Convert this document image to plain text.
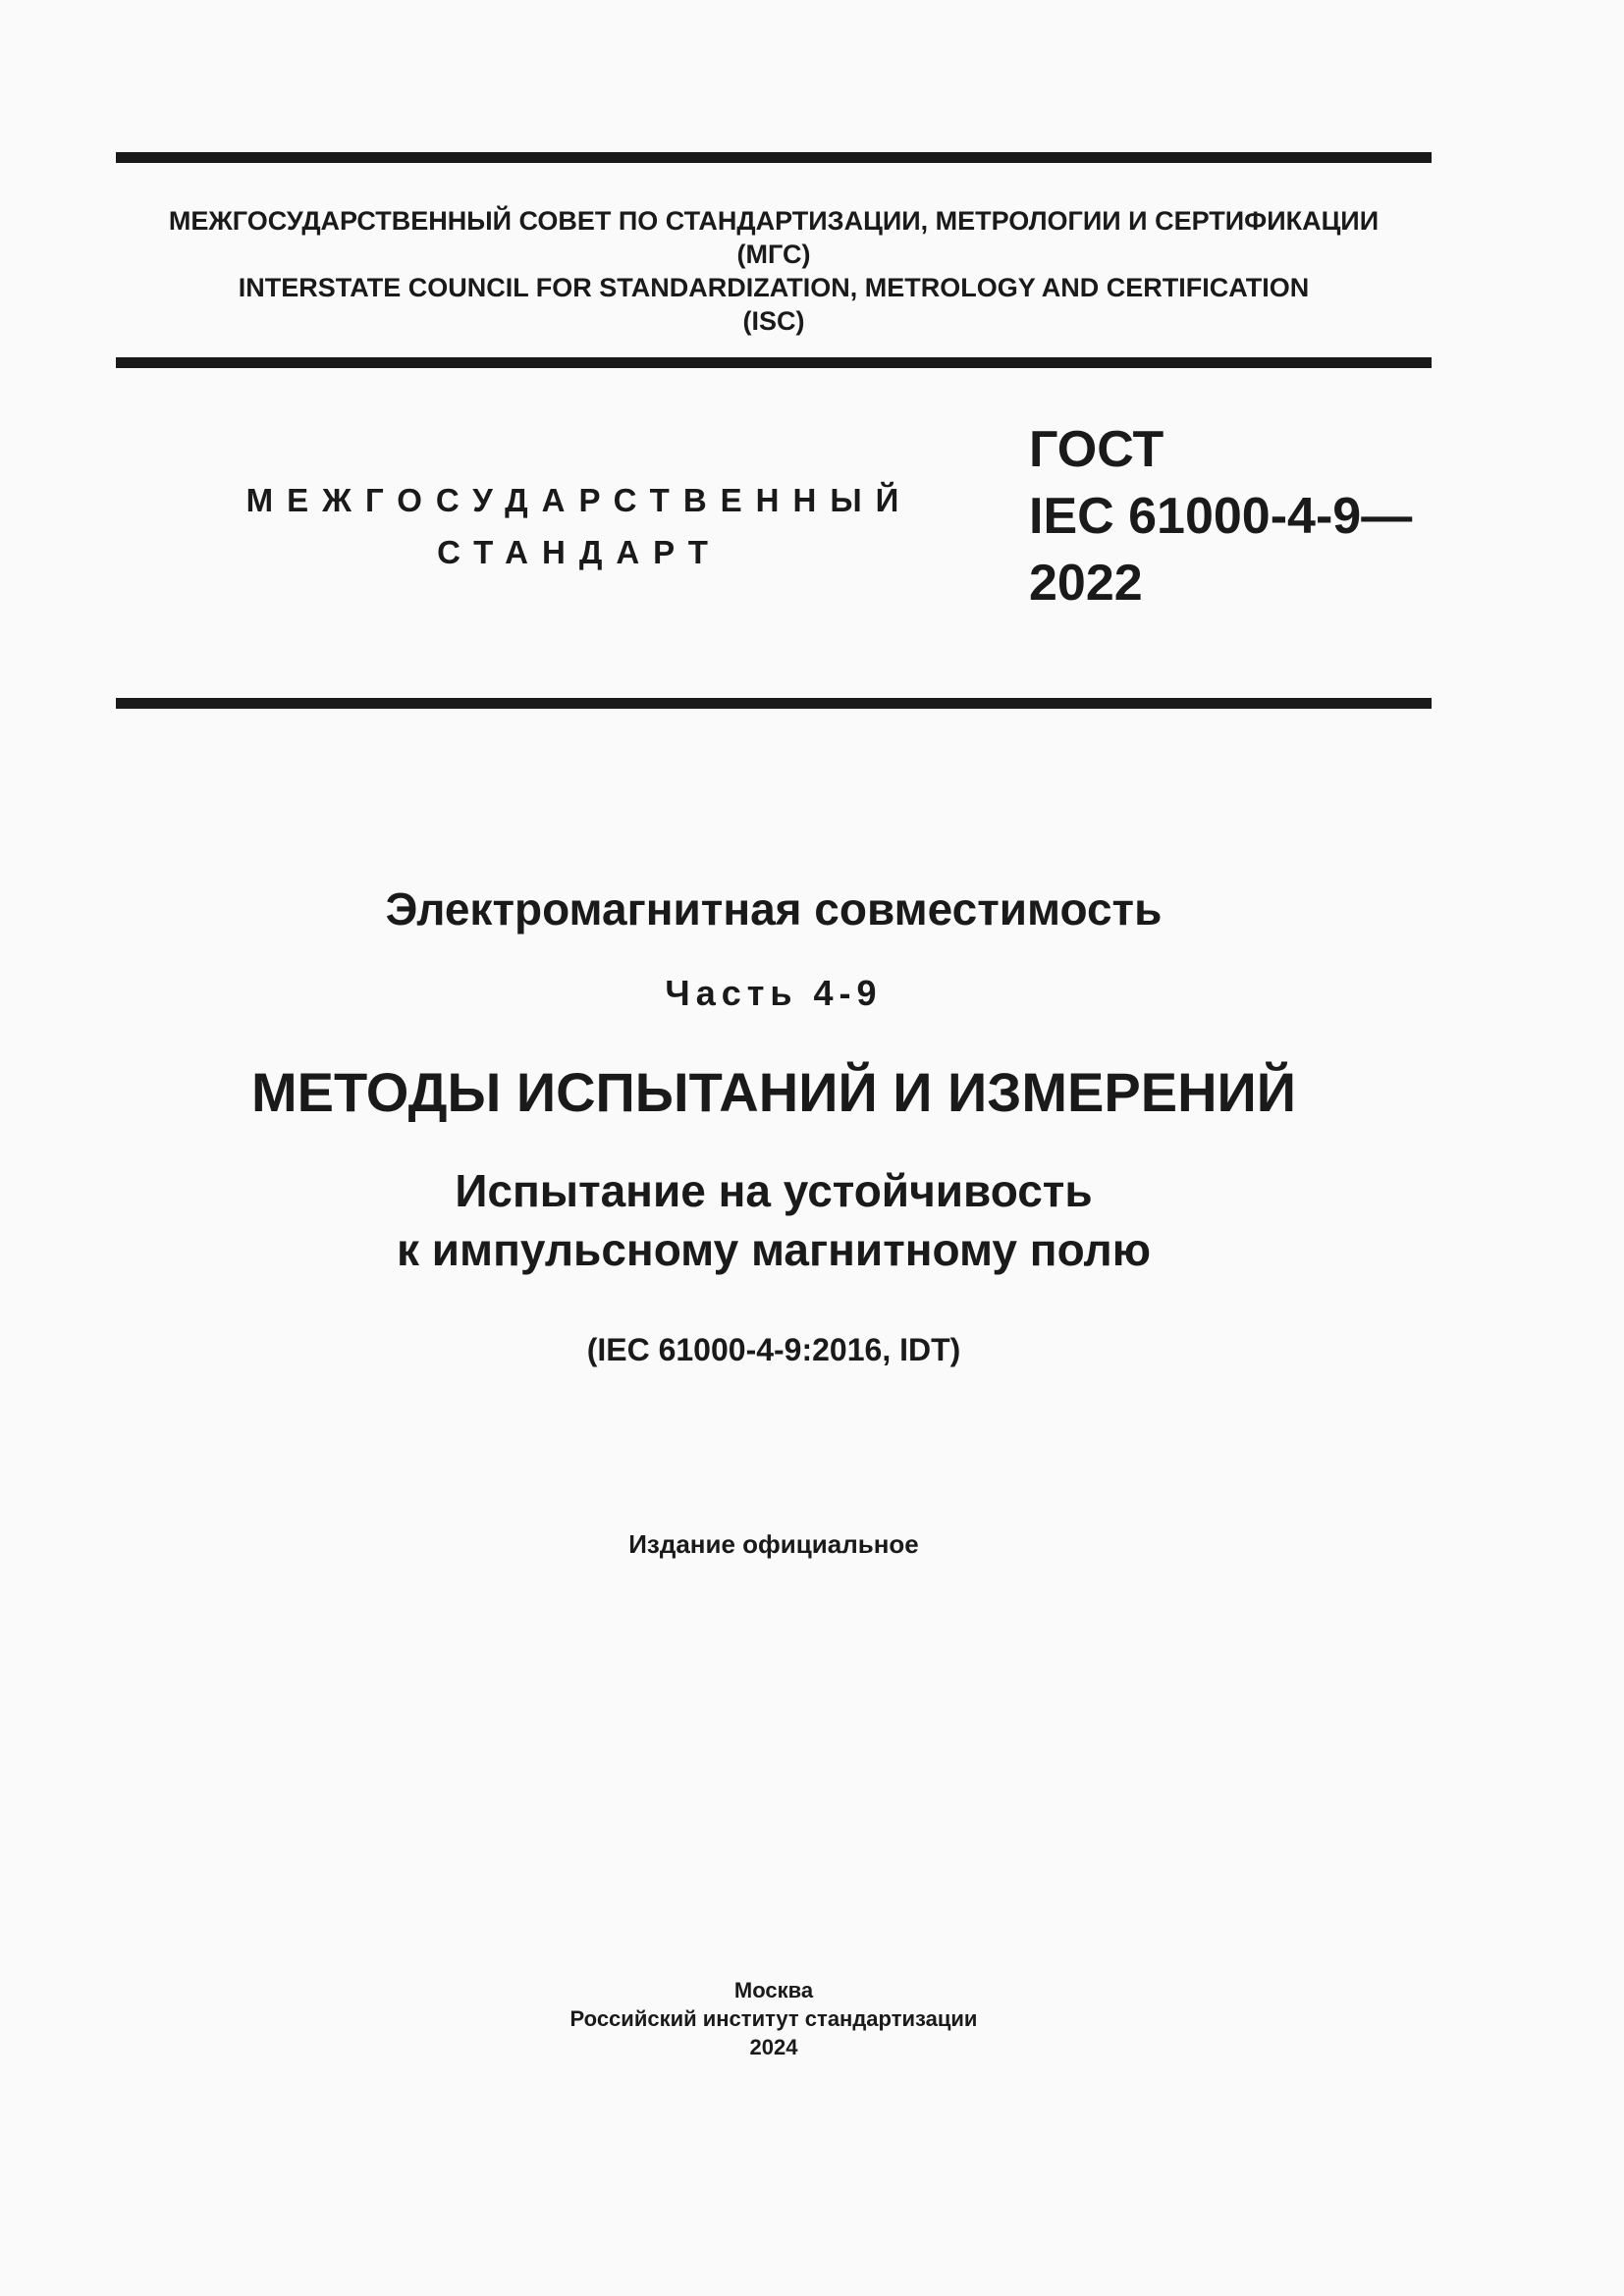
МЕЖГОСУДАРСТВЕННЫЙ СОВЕТ ПО СТАНДАРТИЗАЦИИ, МЕТРОЛОГИИ И СЕРТИФИКАЦИИ
(МГС)
INTERSTATE COUNCIL FOR STANDARDIZATION, METROLOGY AND CERTIFICATION
(ISC)
МЕЖГОСУДАРСТВЕННЫЙ
СТАНДАРТ
ГОСТ
IEC 61000-4-9—
2022
Электромагнитная совместимость
Часть 4-9
МЕТОДЫ ИСПЫТАНИЙ И ИЗМЕРЕНИЙ
Испытание на устойчивость
к импульсному магнитному полю
(IEC 61000-4-9:2016, IDT)
Издание официальное
Москва
Российский институт стандартизации
2024
